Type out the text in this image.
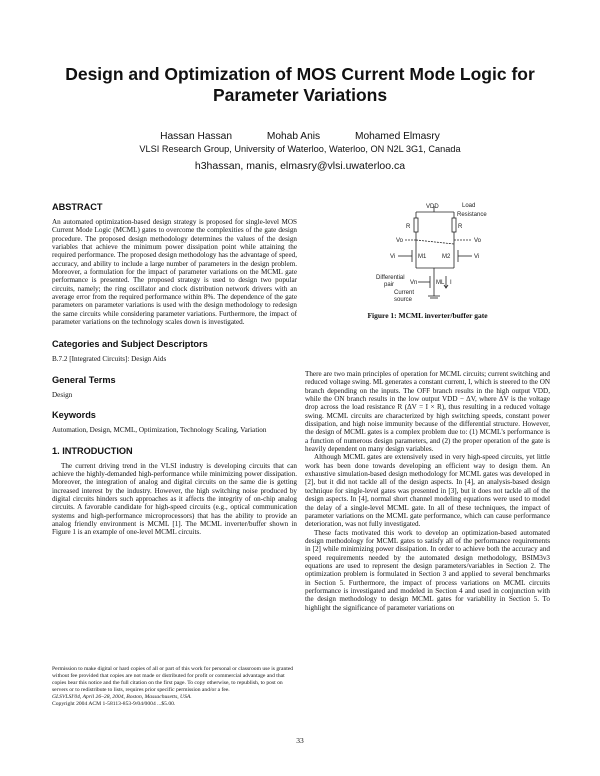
Design and Optimization of MOS Current Mode Logic for
Parameter Variations
Hassan Hassan	Mohab Anis	Mohamed Elmasry
VLSI Research Group, University of Waterloo, Waterloo, ON N2L 3G1, Canada
h3hassan, manis, elmasry@vlsi.uwaterloo.ca
ABSTRACT

An automated optimization-based design strategy is proposed for single-level MOS Current Mode Logic (MCML) gates to overcome the complexities of the gate design procedure. The proposed design methodology determines the values of the design variables that achieve the minimum power dissipation point while attaining the required performance. The proposed design methodology has the advantage of speed, accuracy, and ability to include a large number of parameters in the design problem. Moreover, a formulation for the impact of parameter variations on the MCML gate performance is presented. The proposed strategy is used to design two popular circuits, namely; the ring oscillator and clock distribution network drivers with an average error from the required performance within 8%. The dependence of the gate parameters on parameter variations is used with the design methodology to redesign the same circuits while considering parameter variations. Furthermore, the impact of parameter variations on the technology scales down is investigated.

Categories and Subject Descriptors

B.7.2 [Integrated Circuits]: Design Aids

General Terms

Design

Keywords

Automation, Design, MCML, Optimization, Technology Scaling, Variation

1. INTRODUCTION

The current driving trend in the VLSI industry is developing circuits that can achieve the highly-demanded high-performance while minimizing power dissipation. Moreover, the integration of analog and digital circuits on the same die is getting increased interest by the industry. However, the high switching noise produced by digital circuits hinders such approaches as it affects the integrity of on-chip analog circuits. A favorable candidate for high-speed circuits (e.g., optical communication systems and high-performance microprocessors) that has the ability to provide an analog friendly environment is MCML [1]. The MCML inverter/buffer shown in Figure 1 is an example of one-level MCML circuits.

Permission to make digital or hard copies of all or part of this work for personal or classroom use is granted without fee provided that copies are not made or distributed for profit or commercial advantage and that copies bear this notice and the full citation on the first page. To copy otherwise, to republish, to post on servers or to redistribute to lists, requires prior specific permission and/or a fee.
GLSVLSI'04, April 26–28, 2004, Boston, Massachusetts, USA.
Copyright 2004 ACM 1-58113-853-9/04/0004 ...$5.00.
VDD	Load
Resistance
R	R
Vo	Vo
Vi	Vi
M1	M2
Differential
pair	Vn	ML I
Current
source
Figure 1: MCML inverter/buffer gate

There are two main principles of operation for MCML circuits; current switching and reduced voltage swing. ML generates a constant current, I, which is steered to the ON branch depending on the inputs. The OFF branch results in the high output VDD, while the ON branch results in the low output VDD − ΔV, where ΔV is the voltage drop across the load resistance R (ΔV = I × R), thus resulting in a reduced voltage swing. MCML circuits are characterized by high switching speeds, constant power dissipation, and high noise immunity because of the differential structure. However, the design of MCML gates is a complex problem due to: (1) MCML's performance is a function of numerous design parameters, and (2) the proper operation of the gate is heavily dependent on many design variables.

Although MCML gates are extensively used in very high-speed circuits, yet little work has been done towards developing an efficient way to design them. An exhaustive simulation-based design methodology for MCML gates was developed in [2], but it did not tackle all of the design aspects. In [4], an analysis-based design technique for single-level gates was presented in [3], but it does not tackle all of the design aspects. In [4], normal short channel modeling equations were used to model the delay of a single-level MCML gate. In all of these techniques, the impact of parameter variations on the MCML gate performance, which can cause performance deterioration, was not fully investigated.

These facts motivated this work to develop an optimization-based automated design methodology for MCML gates to satisfy all of the performance requirements in [2] while minimizing power dissipation. In order to achieve both the accuracy and speed requirements needed by the automated design methodology, BSIM3v3 equations are used to represent the design parameters/variables in Section 2. The optimization problem is formulated in Section 3 and applied to several benchmarks in Section 5. Furthermore, the impact of process variations on MCML circuits performance is investigated and modeled in Section 4 and used in conjunction with the design methodology to design MCML gates for variability in Section 5. To highlight the significance of parameter variations on

33
